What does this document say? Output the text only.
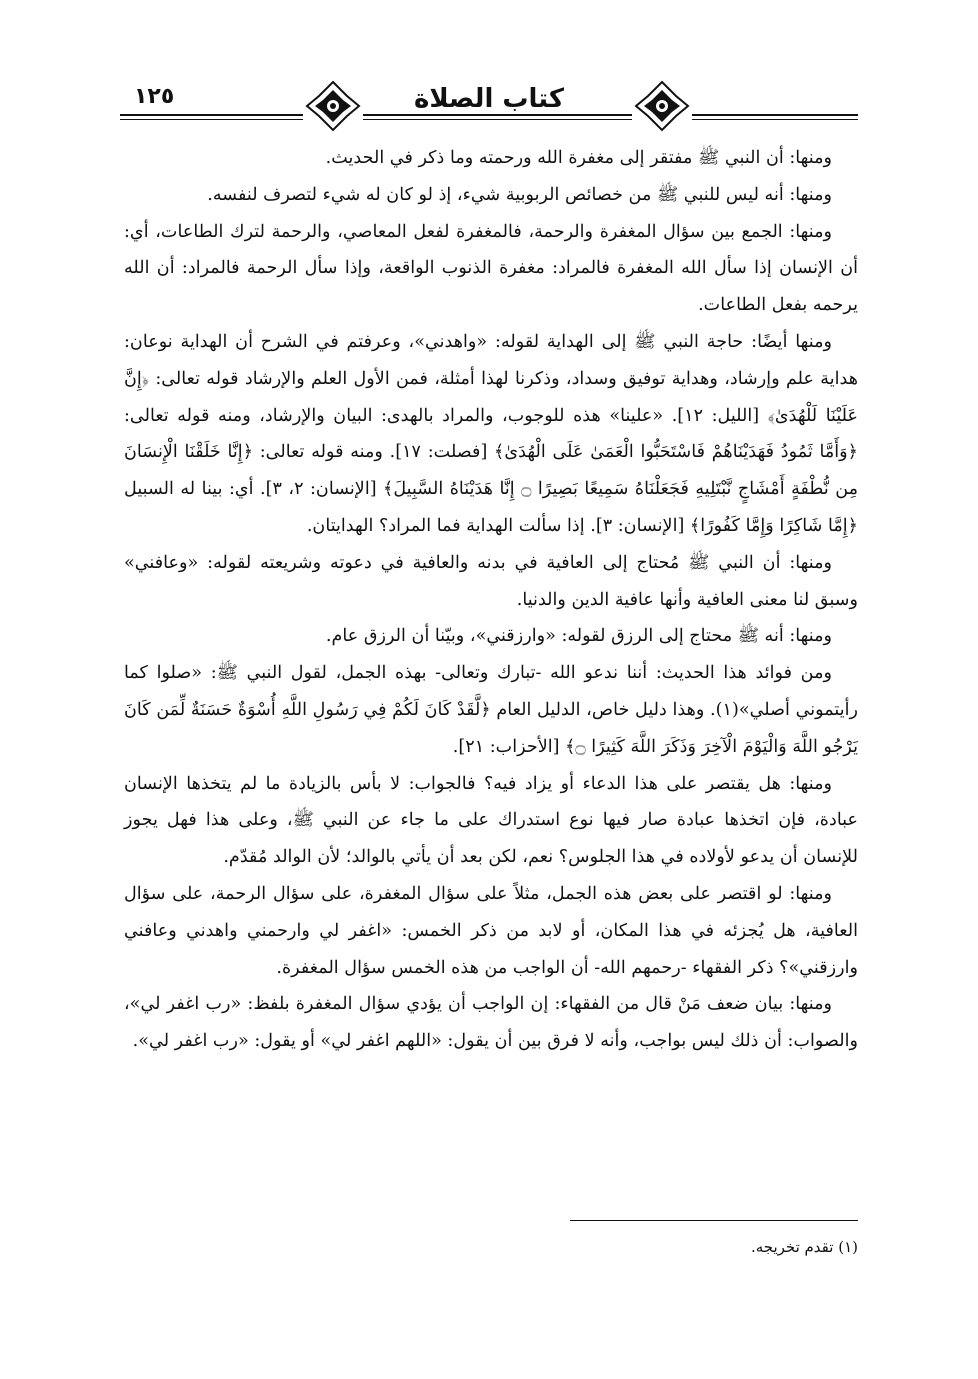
١٢٥	كتاب الصلاة

ومنها: أن النبي ﷺ مفتقر إلى مغفرة الله ورحمته وما ذكر في الحديث.

ومنها: أنه ليس للنبي ﷺ من خصائص الربوبية شيء، إذ لو كان له شيء لتصرف لنفسه.

ومنها: الجمع بين سؤال المغفرة والرحمة، فالمغفرة لفعل المعاصي، والرحمة لترك الطاعات، أي: أن الإنسان إذا سأل الله المغفرة فالمراد: مغفرة الذنوب الواقعة، وإذا سأل الرحمة فالمراد: أن الله يرحمه بفعل الطاعات.

ومنها أيضًا: حاجة النبي ﷺ إلى الهداية لقوله: «واهدني»، وعرفتم في الشرح أن الهداية نوعان: هداية علم وإرشاد، وهداية توفيق وسداد، وذكرنا لهذا أمثلة، فمن الأول العلم والإرشاد قوله تعالى: ﴿إِنَّ عَلَيْنَا لَلْهُدَىٰ﴾ [الليل: ١٢]. «علينا» هذه للوجوب، والمراد بالهدى: البيان والإرشاد، ومنه قوله تعالى: ﴿وَأَمَّا ثَمُودُ فَهَدَيْنَاهُمْ فَاسْتَحَبُّوا الْعَمَىٰ عَلَى الْهُدَىٰ﴾ [فصلت: ١٧]. ومنه قوله تعالى: ﴿إِنَّا خَلَقْنَا الْإِنسَانَ مِن نُّطْفَةٍ أَمْشَاجٍ نَّبْتَلِيهِ فَجَعَلْنَاهُ سَمِيعًا بَصِيرًا ۝ إِنَّا هَدَيْنَاهُ السَّبِيلَ﴾ [الإنسان: ٢، ٣]. أي: بينا له السبيل ﴿إِمَّا شَاكِرًا وَإِمَّا كَفُورًا﴾ [الإنسان: ٣]. إذا سألت الهداية فما المراد؟ الهدايتان.

ومنها: أن النبي ﷺ مُحتاج إلى العافية في بدنه والعافية في دعوته وشريعته لقوله: «وعافني» وسبق لنا معنى العافية وأنها عافية الدين والدنيا.

ومنها: أنه ﷺ محتاج إلى الرزق لقوله: «وارزقني»، وبيّنا أن الرزق عام.

ومن فوائد هذا الحديث: أننا ندعو الله -تبارك وتعالى- بهذه الجمل، لقول النبي ﷺ: «صلوا كما رأيتموني أصلي»(١). وهذا دليل خاص، الدليل العام ﴿لَّقَدْ كَانَ لَكُمْ فِي رَسُولِ اللَّهِ أُسْوَةٌ حَسَنَةٌ لِّمَن كَانَ يَرْجُو اللَّهَ وَالْيَوْمَ الْآخِرَ وَذَكَرَ اللَّهَ كَثِيرًا ۝﴾ [الأحزاب: ٢١].

ومنها: هل يقتصر على هذا الدعاء أو يزاد فيه؟ فالجواب: لا بأس بالزيادة ما لم يتخذها الإنسان عبادة، فإن اتخذها عبادة صار فيها نوع استدراك على ما جاء عن النبي ﷺ، وعلى هذا فهل يجوز للإنسان أن يدعو لأولاده في هذا الجلوس؟ نعم، لكن بعد أن يأتي بالوالد؛ لأن الوالد مُقدّم.

ومنها: لو اقتصر على بعض هذه الجمل، مثلاً على سؤال المغفرة، على سؤال الرحمة، على سؤال العافية، هل يُجزئه في هذا المكان، أو لابد من ذكر الخمس: «اغفر لي وارحمني واهدني وعافني وارزقني»؟ ذكر الفقهاء -رحمهم الله- أن الواجب من هذه الخمس سؤال المغفرة.

ومنها: بيان ضعف مَنْ قال من الفقهاء: إن الواجب أن يؤدي سؤال المغفرة بلفظ: «رب اغفر لي»، والصواب: أن ذلك ليس بواجب، وأنه لا فرق بين أن يقول: «اللهم اغفر لي» أو يقول: «رب اغفر لي».

(١) تقدم تخريجه.
